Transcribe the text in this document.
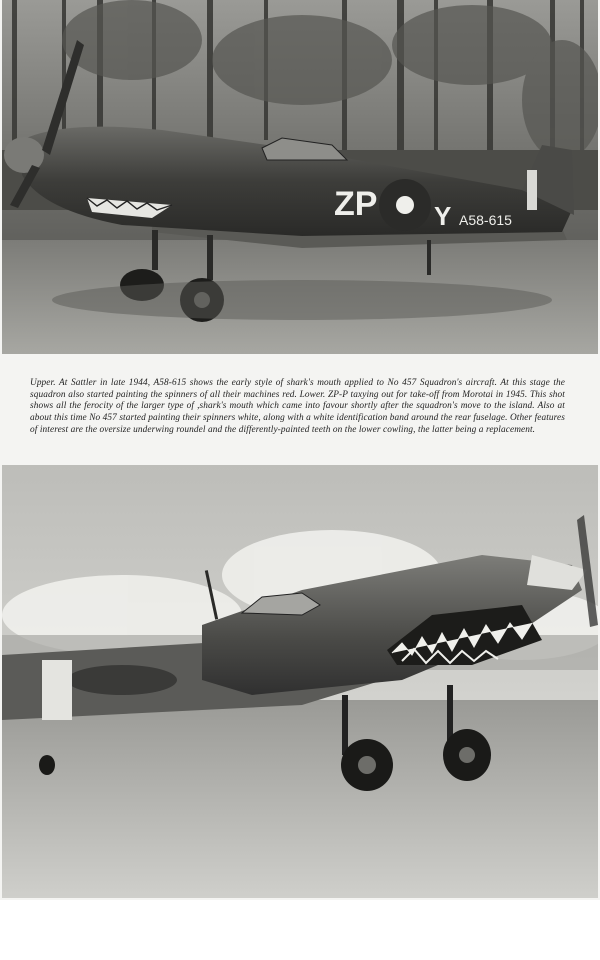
ZP Y A58-615

Upper. At Sattler in late 1944, A58-615 shows the early style of shark's mouth applied to No 457 Squadron's aircraft. At this stage the squadron also started painting the spinners of all their machines red. Lower. ZP-P taxying out for take-off from Morotai in 1945. This shot shows all the ferocity of the larger type of ,shark's mouth which came into favour shortly after the squadron's move to the island. Also at about this time No 457 started painting their spinners white, along with a white identification band around the rear fuselage. Other features of interest are the oversize underwing roundel and the differently-painted teeth on the lower cowling, the latter being a replacement.
